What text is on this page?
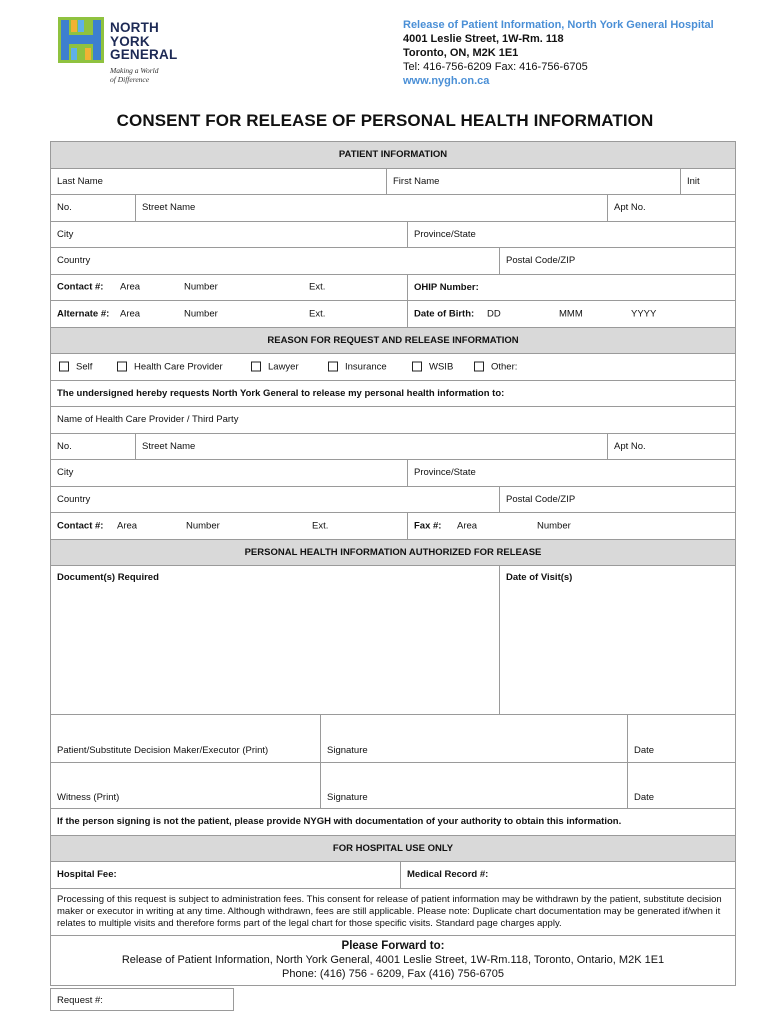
NORTH
YORK
GENERAL
Making a World
of Difference
Release of Patient Information, North York General Hospital
4001 Leslie Street, 1W-Rm. 118
Toronto, ON, M2K 1E1
Tel: 416-756-6209 Fax: 416-756-6705
www.nygh.on.ca
CONSENT FOR RELEASE OF PERSONAL HEALTH INFORMATION
PATIENT INFORMATION
Last Name	First Name	Init
No.	Street Name	Apt No.
City	Province/State
Country	Postal Code/ZIP
Contact #: Area	Number	Ext.	OHIP Number:
Alternate #: Area	Number	Ext.	Date of Birth: DD	MMM	YYYY
REASON FOR REQUEST AND RELEASE INFORMATION
Self	Health Care Provider	Lawyer	Insurance	WSIB	Other:
The undersigned hereby requests North York General to release my personal health information to:
Name of Health Care Provider / Third Party
No.	Street Name	Apt No.
City	Province/State
Country	Postal Code/ZIP
Contact #: Area	Number	Ext.	Fax #: Area	Number
PERSONAL HEALTH INFORMATION AUTHORIZED FOR RELEASE
Document(s) Required	Date of Visit(s)
Patient/Substitute Decision Maker/Executor (Print)	Signature	Date
Witness (Print)	Signature	Date
If the person signing is not the patient, please provide NYGH with documentation of your authority to obtain this information.
FOR HOSPITAL USE ONLY
Hospital Fee:	Medical Record #:
Processing of this request is subject to administration fees. This consent for release of patient information may be withdrawn by the patient, substitute decision maker or executor in writing at any time. Although withdrawn, fees are still applicable. Please note: Duplicate chart documentation may be generated if/when it relates to multiple visits and therefore forms part of the legal chart for those specific visits. Standard page charges apply.
Please Forward to:
Release of Patient Information, North York General, 4001 Leslie Street, 1W-Rm.118, Toronto, Ontario, M2K 1E1
Phone: (416) 756 - 6209, Fax (416) 756-6705
Request #:
